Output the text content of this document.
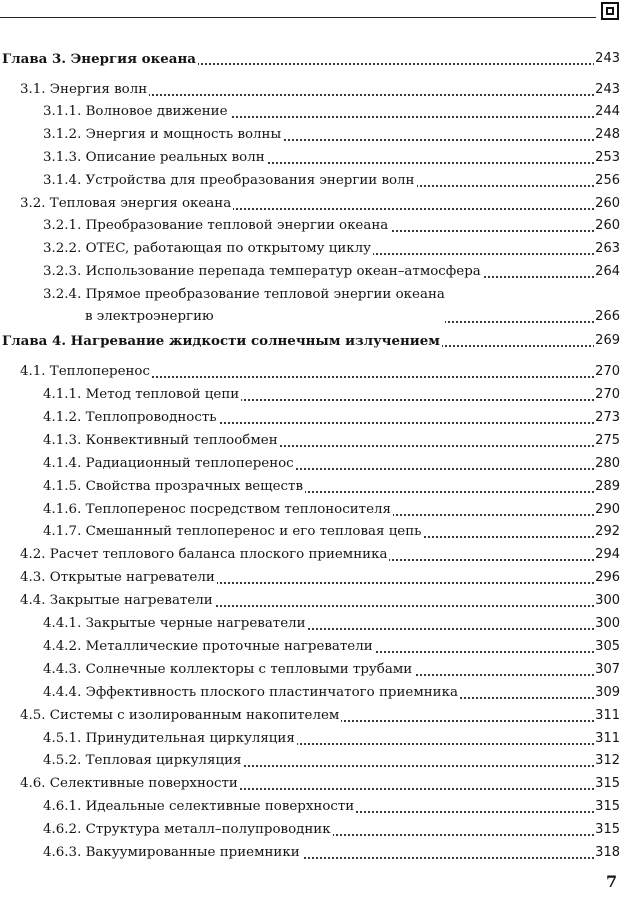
Глава 3. Энергия океана	243
3.1. Энергия волн	243
3.1.1. Волновое движение	244
3.1.2. Энергия и мощность волны	248
3.1.3. Описание реальных волн	253
3.1.4. Устройства для преобразования энергии волн	256
3.2. Тепловая энергия океана	260
3.2.1. Преобразование тепловой энергии океана	260
3.2.2. OTEC, работающая по открытому циклу	263
3.2.3. Использование перепада температур океан–атмосфера	264
3.2.4. Прямое преобразование тепловой энергии океана
в электроэнергию	266
Глава 4. Нагревание жидкости солнечным излучением	269
4.1. Теплоперенос	270
4.1.1. Метод тепловой цепи	270
4.1.2. Теплопроводность	273
4.1.3. Конвективный теплообмен	275
4.1.4. Радиационный теплоперенос	280
4.1.5. Свойства прозрачных веществ	289
4.1.6. Теплоперенос посредством теплоносителя	290
4.1.7. Смешанный теплоперенос и его тепловая цепь	292
4.2. Расчет теплового баланса плоского приемника	294
4.3. Открытые нагреватели	296
4.4. Закрытые нагреватели	300
4.4.1. Закрытые черные нагреватели	300
4.4.2. Металлические проточные нагреватели	305
4.4.3. Солнечные коллекторы с тепловыми трубами	307
4.4.4. Эффективность плоского пластинчатого приемника	309
4.5. Системы с изолированным накопителем	311
4.5.1. Принудительная циркуляция	311
4.5.2. Тепловая циркуляция	312
4.6. Селективные поверхности	315
4.6.1. Идеальные селективные поверхности	315
4.6.2. Структура металл–полупроводник	315
4.6.3. Вакуумированные приемники	318
7
